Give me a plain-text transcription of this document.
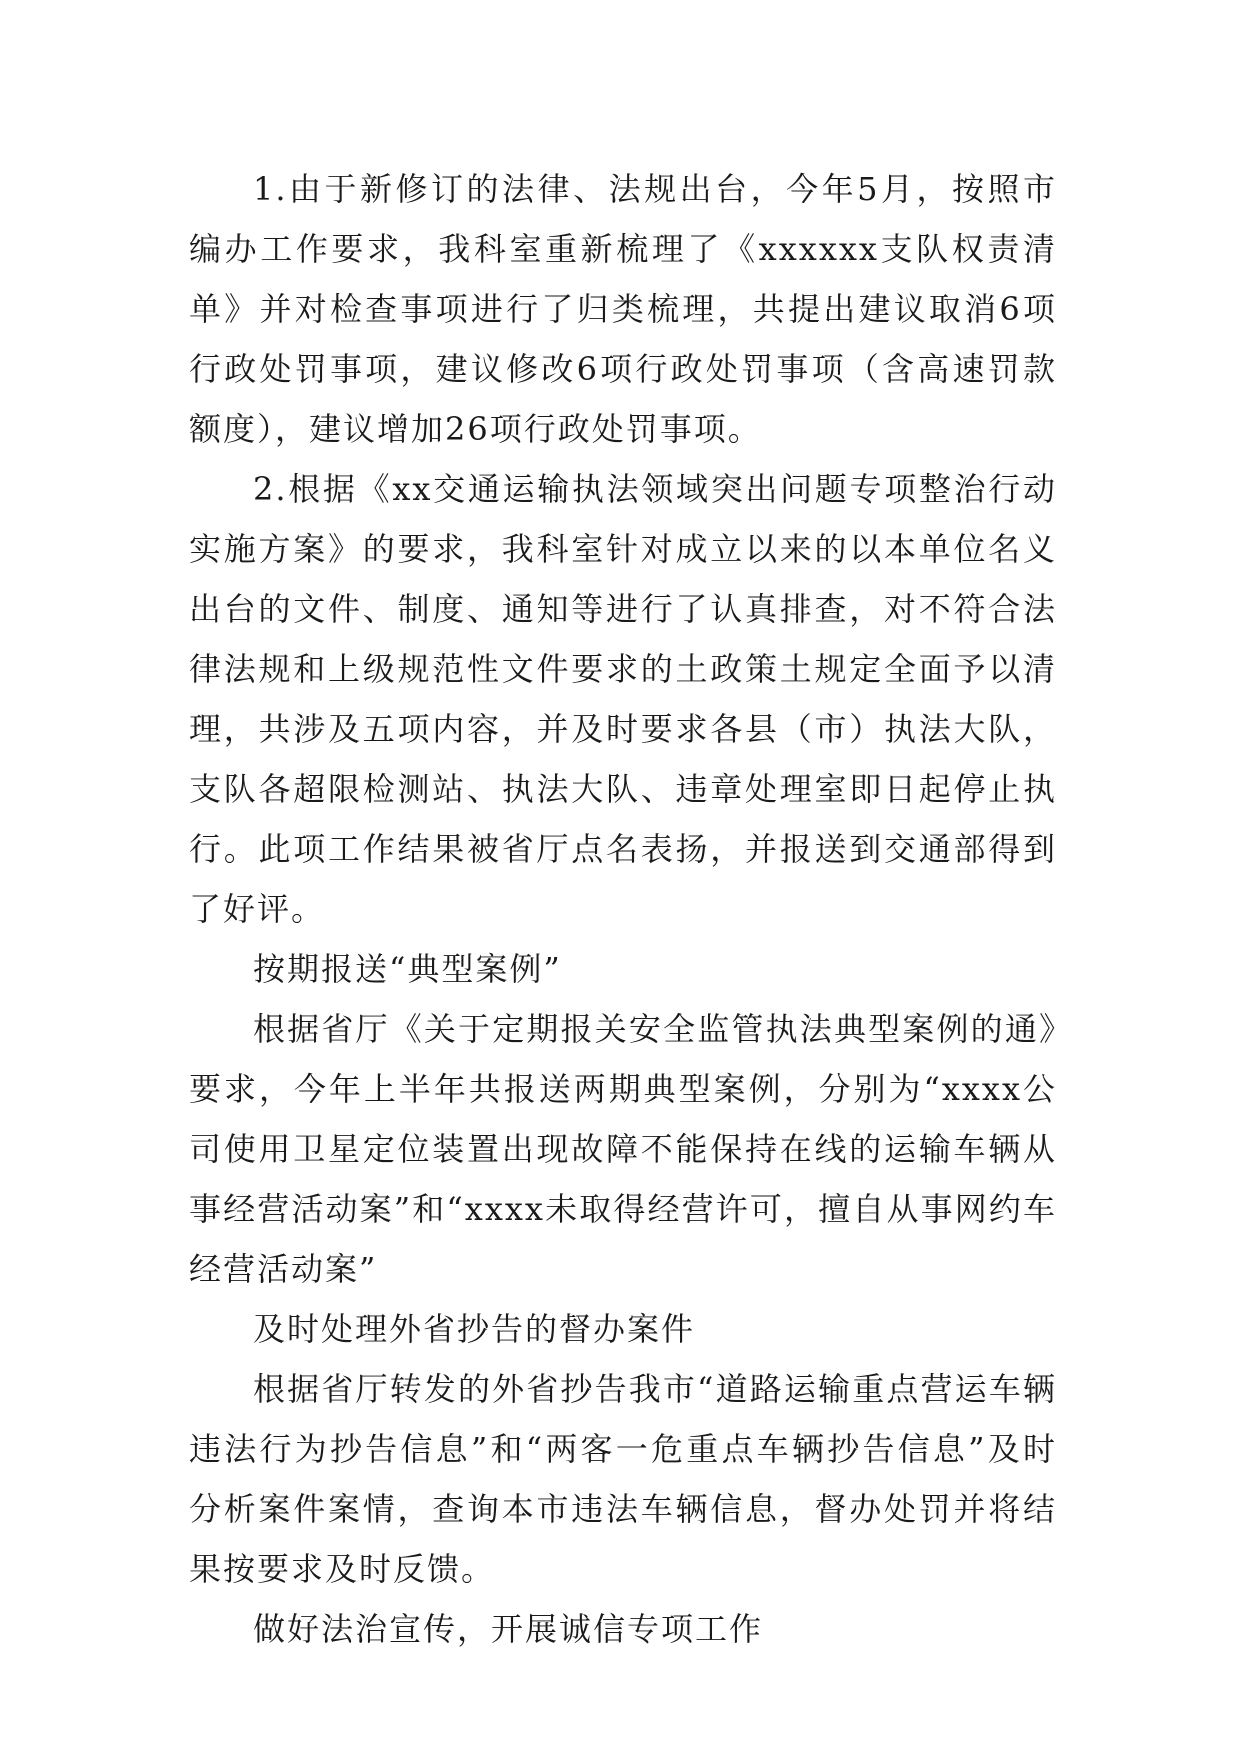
1.由于新修订的法律、法规出台，今年5月，按照市编办工作要求，我科室重新梳理了《xxxxxx支队权责清单》并对检查事项进行了归类梳理，共提出建议取消6项行政处罚事项，建议修改6项行政处罚事项（含高速罚款额度），建议增加26项行政处罚事项。

2.根据《xx交通运输执法领域突出问题专项整治行动实施方案》的要求，我科室针对成立以来的以本单位名义出台的文件、制度、通知等进行了认真排查，对不符合法律法规和上级规范性文件要求的土政策土规定全面予以清理，共涉及五项内容，并及时要求各县（市）执法大队，支队各超限检测站、执法大队、违章处理室即日起停止执行。此项工作结果被省厅点名表扬，并报送到交通部得到了好评。

按期报送“典型案例”

根据省厅《关于定期报关安全监管执法典型案例的通》要求，今年上半年共报送两期典型案例，分别为“xxxx公司使用卫星定位装置出现故障不能保持在线的运输车辆从事经营活动案”和“xxxx未取得经营许可，擅自从事网约车经营活动案”

及时处理外省抄告的督办案件

根据省厅转发的外省抄告我市“道路运输重点营运车辆违法行为抄告信息”和“两客一危重点车辆抄告信息”及时分析案件案情，查询本市违法车辆信息，督办处罚并将结果按要求及时反馈。

做好法治宣传，开展诚信专项工作
